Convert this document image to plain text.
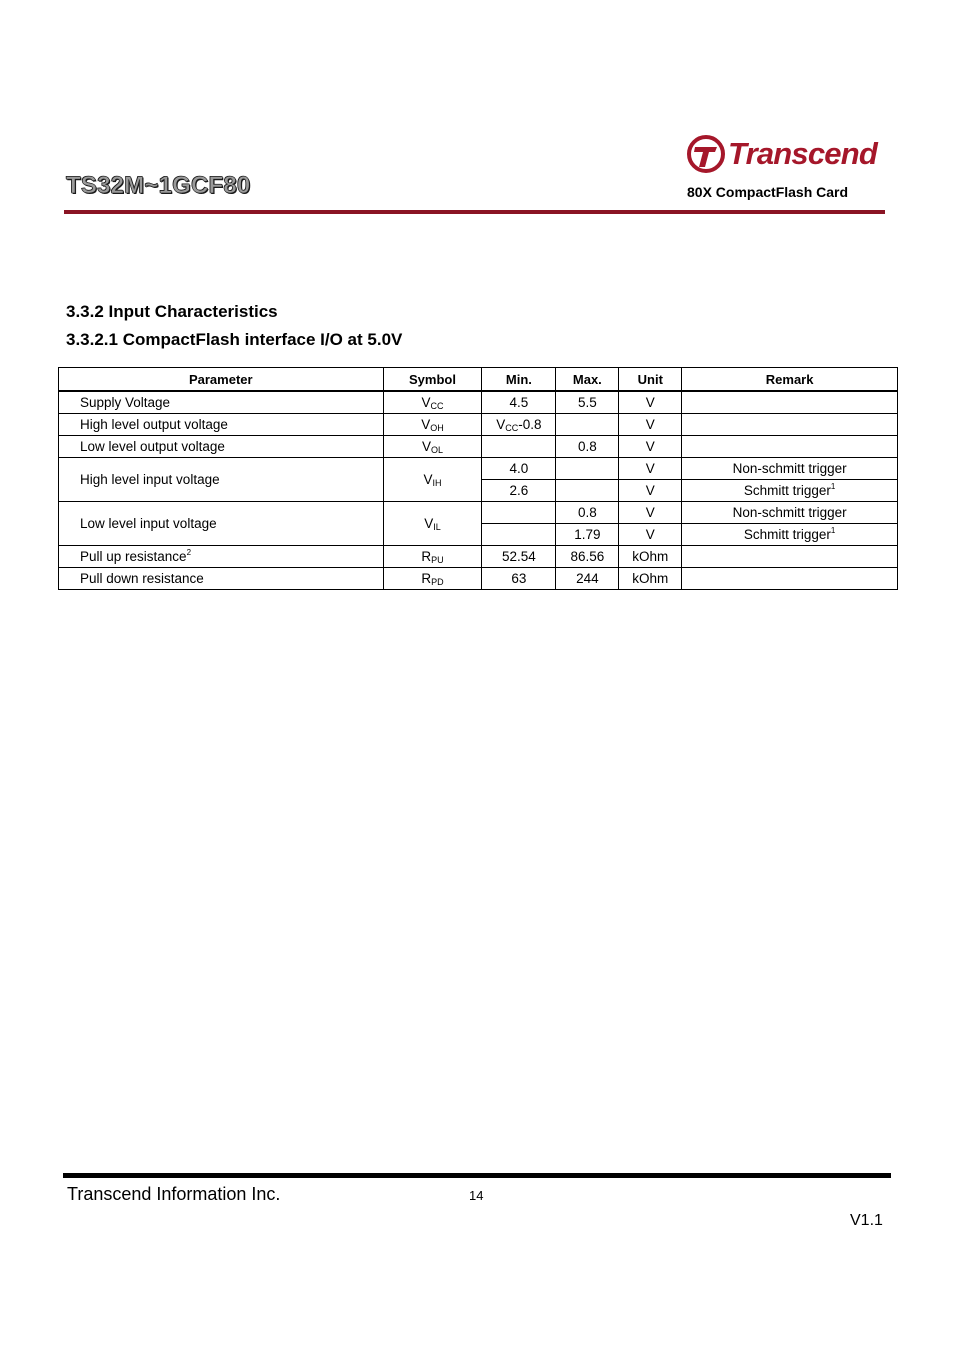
TS32M~1GCF80
Transcend
80X CompactFlash Card
3.3.2 Input Characteristics
3.3.2.1 CompactFlash interface I/O at 5.0V
Parameter	Symbol	Min.	Max.	Unit	Remark
Supply Voltage	$V_{CC}$	4.5	5.5	V	
High level output voltage	$V_{OH}$	$V_{CC}-0.8$		V	
Low level output voltage	$V_{OL}$		0.8	V	
High level input voltage	$V_{IH}$	4.0		V	Non-schmitt trigger
		2.6		V	Schmitt trigger$^1$
Low level input voltage	$V_{IL}$		0.8	V	Non-schmitt trigger
			1.79	V	Schmitt trigger$^1$
Pull up resistance$^2$	$R_{PU}$	52.54	86.56	kOhm	
Pull down resistance	$R_{PD}$	63	244	kOhm	
Transcend Information Inc.	14
V1.1
